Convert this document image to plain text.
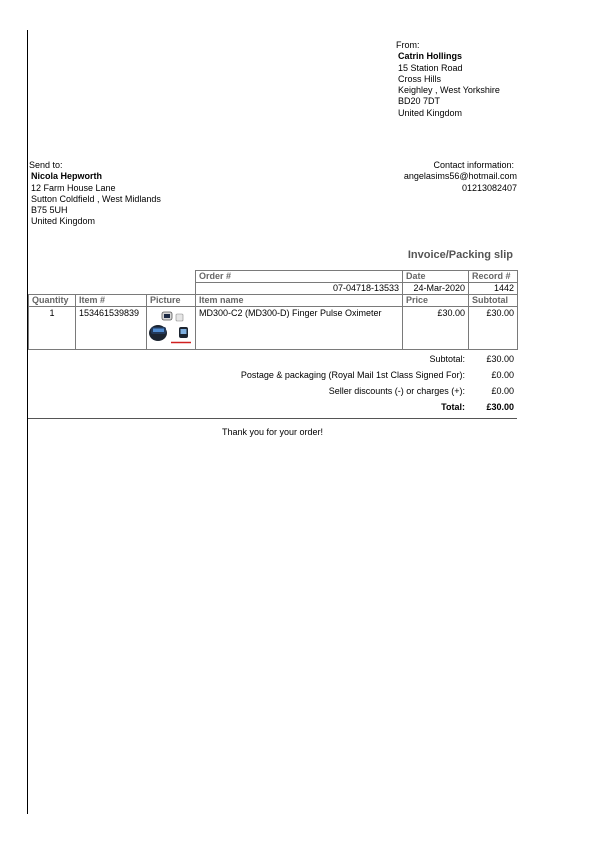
From:
Catrin Hollings
15 Station Road
Cross Hills
Keighley , West Yorkshire
BD20 7DT
United Kingdom
Send to:
Nicola Hepworth
12 Farm House Lane
Sutton Coldfield , West Midlands
B75 5UH
United Kingdom
Contact information:
angelasims56@hotmail.com
01213082407
Invoice/Packing slip
			Order #	Date	Record #
			07-04718-13533	24-Mar-2020	1442
Quantity	Item #	Picture	Item name	Price	Subtotal
1	153461539839		MD300-C2 (MD300-D) Finger Pulse Oximeter	£30.00	£30.00
Subtotal:	£30.00
Postage & packaging (Royal Mail 1st Class Signed For):	£0.00
Seller discounts (-) or charges (+):	£0.00
Total:	£30.00
Thank you for your order!
